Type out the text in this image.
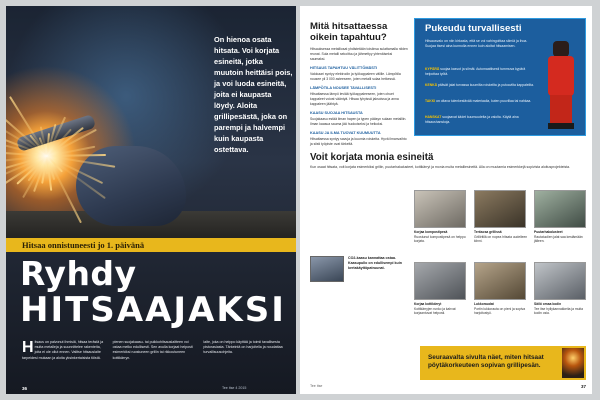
On hienoa osata hitsata. Voi korjata esineitä, jotka muutoin heittäisi pois, ja voi luoda esineitä, joita ei kaupasta löydy. Aloita grillipesästä, joka on parempi ja halvempi kuin kaupasta ostettava.
Hitsaa onnistuneesti jo 1. päivänä
Ryhdy
HITSAAJAKSI
H itsaus on palvonut ihmisiä, hitsaa terästä ja muita metalleja ja suunnittelee rakenteita, joita ei ole ollut ennen. Valitse hitsauslaite tarpeidesi mukaan ja aloita yksinkertaisista töistä.
pienen suojakaasu- tai puikkohitsauslaitteen voi ostaa melko edullisesti. Sen avulla korjaat helposti esimerkiksi ruostuneen grillin tai rikkoutuneen kottikärryn.
laite, joka on helppo käyttää ja toimii tavallisesta pistorasiasta. Tärkeintä on harjoitella ja noudattaa turvallisuusohjeita.
36	Tee itse 4 2015
Mitä hitsattaessa oikein tapahtuu?

Hitsauksessa metalliosat yhdistetään toisiinsa sulattamalla niiden reunat. Sula metalli sekoittuu ja jähmettyy yhtenäiseksi saumaksi.

HITSAUS TAPAHTUU VÄLITTÖMÄSTI

Valokaari syntyy elektrodin ja työkappaleen välille. Lämpötila nousee yli 3 000 asteeseen, joten metalli sulaa hetkessä.

LÄMPÖTILA NOUSEE TAVALLISESTI

Hitsattaessa lämpö leviää työkappaleeseen, joten ohuet kappaleet voivat vääntyä. Hitsaa lyhyissä jaksoissa ja anna kappaleen jäähtyä.

KAASU SUOJAA HITSAUSTA

Suojakaasu estää ilman hapen ja typen pääsyn sulaan metalliin. Ilman kaasua sauma jää huokoiseksi ja heikoksi.

KAASU JA ILMA TUOVAT KUUMUUTTA

Hitsattaessa syntyy savuja ja kuumia roiskeita. Hyvä ilmanvaihto ja siisti työpiste ovat tärkeitä.

CO2-kaasu kannattaa ostaa. Kaasupullo on edullisempi kuin kertakäyttöpatruunat.
Pukeudu turvallisesti
Hitsausvalo on niin kirkasta, että se voi vahingoittaa silmiä ja ihoa. Suojaa itsesi aina kunnolla ennen kuin aloitat hitsaamisen.
KYPÄRÄ suojaa kasvot ja silmät. Automaattisesti tummuva kypärä helpottaa työtä.
KENKÄ pitävät jalat turvassa kuumilta roiskeilta ja putoavilta kappaleilta.
TAKKI on oltava tulenkestävää materiaalia, kuten puuvillaa tai nahkaa.
HANSKAT suojaavat kädet kuumuudelta ja valolta. Käytä aina hitsaushanskoja.
Voit korjata monia esineitä
Kun osaat hitsata, voit korjata esimerkiksi grillin, puutarhakalusteet, kottikärryt ja monia muita metalliesineitä. Alla on muutamia esimerkkejä sopivista aloitusprojekteista.
Korjaa kompostipesä
Ruostunut kompostipesä on helppo korjata.
Teräsosa grillissä
Grilliritilä on nopea hitsata uudelleen kiinni.
Puutarhakalusteet
Rautatuolien jalat saa kestämään jälleen.
Korjaa kottikärryt
Kottikärryjen runko ja kahvat korjaantuvat helposti.
Lukkoraudat
Portin lukkorauta on pieni ja sopiva harjoitustyö.
Säilö omaa kodin
Tee itse hyllykannakkeita ja muita kodin osia.
Seuraavalta sivulta näet, miten hitsaat pöytäkorkeuteen sopivan grillipesän.
Tee itse	37
